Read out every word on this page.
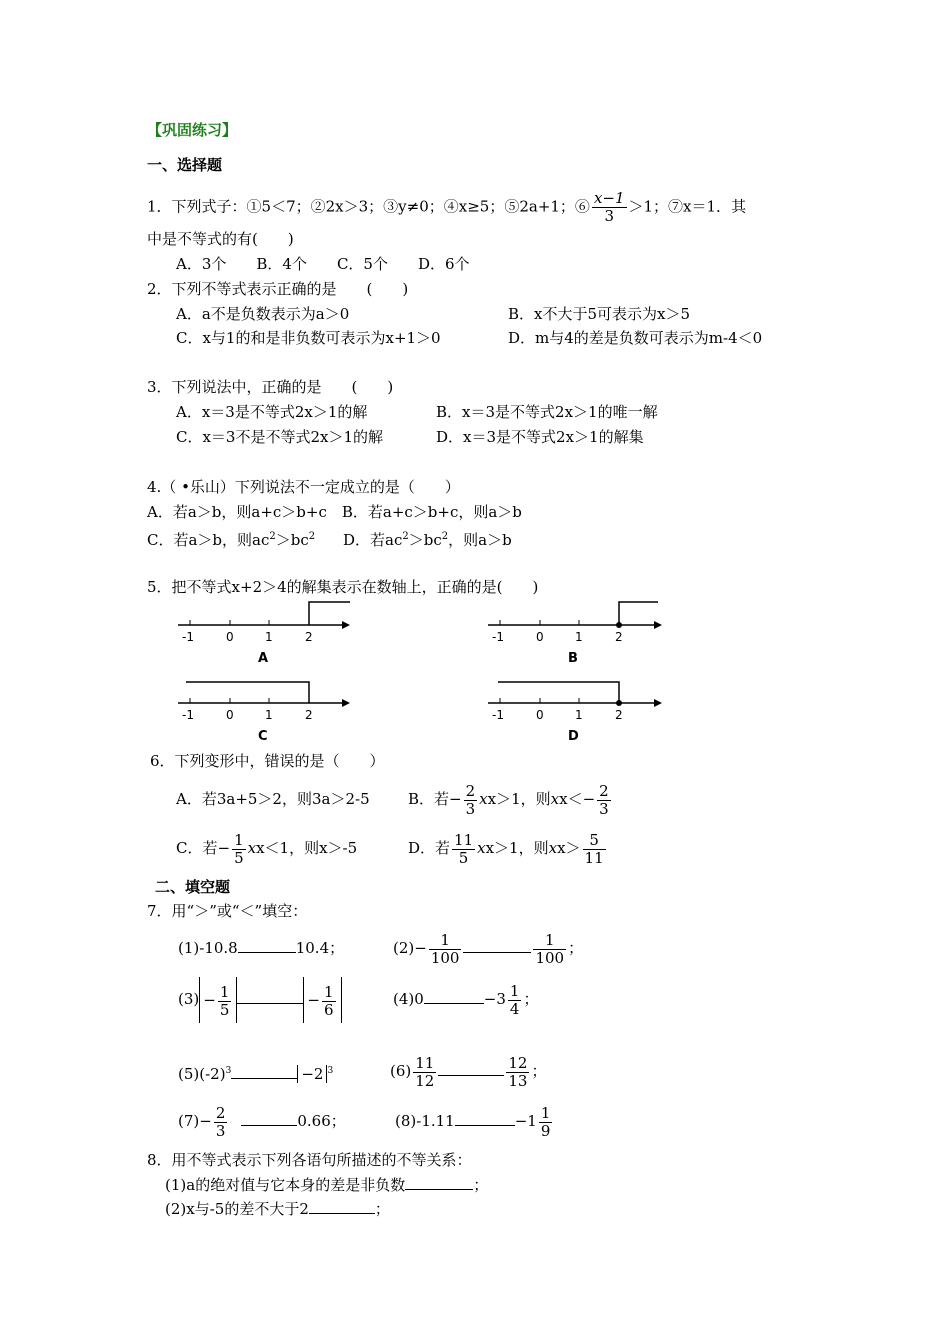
【巩固练习】
一、选择题
1．下列式子：①5＜7；②2x＞3；③y≠0；④x≥5；⑤2a+1；⑥ $\frac{x-1}{3} >1$；⑦x＝1．其
中是不等式的有(　　)
A．3个　　B．4个　　C．5个　　D．6个
2．下列不等式表示正确的是　　(　　)
A．a不是负数表示为a＞0	B．x不大于5可表示为x＞5
C．x与1的和是非负数可表示为x+1＞0	D．m与4的差是负数可表示为m-4＜0
3．下列说法中，正确的是　　(　　)
A．x＝3是不等式2x＞1的解	B．x＝3是不等式2x＞1的唯一解
C．x＝3不是不等式2x＞1的解	D．x＝3是不等式2x＞1的解集
4.（ •乐山）下列说法不一定成立的是（　　）
A．若a＞b，则a+c＞b+c　B．若a+c＞b+c，则a＞b
C．若a＞b，则$ac^2>bc^2$ D．若$ac^2>bc^2$，则a＞b
5．把不等式x+2＞4的解集表示在数轴上，正确的是(　　)
-1	0	1	2
A
-1	0	1	2
B
-1	0	1	2
C
-1	0	1	2
D
6．下列变形中，错误的是（　　）
A．若3a+5＞2，则3a＞2-5	B．若− $\frac{2}{3} xx>1$，则$xx<- \frac{2}{3}$
C．若− $\frac{1}{5} xx<1$，则x＞-5	D．若 $\frac{11}{5} xx>1$，则$xx> \frac{5}{11}$
二、填空题
7．用“＞”或“＜”填空：
(1)-10.8	10.4；	$(2)- \frac{1}{100}$	$\frac{1}{100}$ ；
$(3) - \frac{1}{5}$	− $\frac{1}{6}$	(4)0	$-3 \frac{1}{4}$ ；
$(5)(-2)^3$	−2 $^3$	$(6) \frac{11}{12}$	$\frac{12}{13}$ ；
$(7)- \frac{2}{3}$	0.66；	(8)-1.11	$-1 \frac{1}{9}$
8．用不等式表示下列各语句所描述的不等关系：
(1)a的绝对值与它本身的差是非负数	；
(2)x与-5的差不大于2	；
